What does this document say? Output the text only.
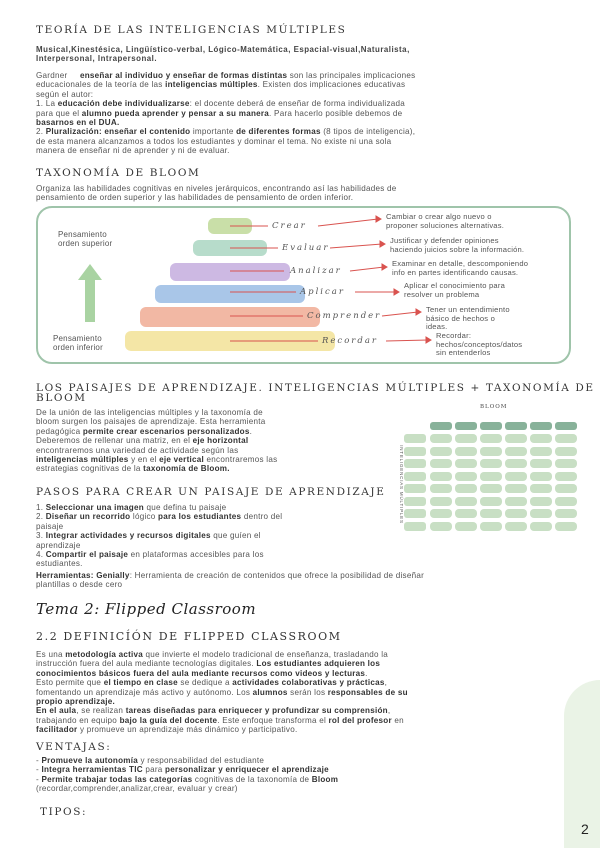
TEORÍA DE LAS INTELIGENCIAS MÚLTIPLES
Musical,Kinestésica, Lingüístico-verbal, Lógico-Matemática, Espacial-visual,Naturalista,
Interpersonal, Intrapersonal.
Gardner enseñar al individuo y enseñar de formas distintas son las principales implicaciones
educacionales de la teoría de las inteligencias múltiples. Existen dos implicaciones educativas
según el autor:
1. La educación debe individualizarse: el docente deberá de enseñar de forma individualizada
para que el alumno pueda aprender y pensar a su manera. Para hacerlo posible debemos de
basarnos en el DUA.
2. Pluralización: enseñar el contenido importante de diferentes formas (8 tipos de inteligencia),
de esta manera alcanzamos a todos los estudiantes y dominar el tema. No existe ni una sola
manera de enseñar ni de aprender y ni de evaluar.
TAXONOMÍA DE BLOOM
Organiza las habilidades cognitivas en niveles jerárquicos, encontrando así las habilidades de
pensamiento de orden superior y las habilidades de pensamiento de orden inferior.
Pensamiento
orden superior
Pensamiento
orden inferior
Crear
Evaluar
Analizar
Aplicar
Comprender
Recordar
Cambiar o crear algo nuevo o
proponer soluciones alternativas.
Justificar y defender opiniones
haciendo juicios sobre la información.
Examinar en detalle, descomponiendo
info en partes identificando causas.
Aplicar el conocimiento para
resolver un problema
Tener un entendimiento
básico de hechos o
ideas.
Recordar:
hechos/conceptos/datos
sin entenderlos
LOS PAISAJES DE APRENDIZAJE. INTELIGENCIAS MÚLTIPLES + TAXONOMÍA DE
BLOOM
De la unión de las inteligencias múltiples y la taxonomía de
bloom surgen los paisajes de aprendizaje. Esta herramienta
pedagógica permite crear escenarios personalizados.
Deberemos de rellenar una matriz, en el eje horizontal
encontraremos una variedad de actividade según las
inteligencias múltiples y en el eje vertical encontraremos las
estrategias cognitivas de la taxonomía de Bloom.
BLOOM
INTELIGENCIAS MÚLTIPLES
PASOS PARA CREAR UN PAISAJE DE APRENDIZAJE
1. Seleccionar una imagen que defina tu paisaje
2. Diseñar un recorrido lógico para los estudiantes dentro del
paisaje
3. Integrar actividades y recursos digitales que guíen el
aprendizaje
4. Compartir el paisaje en plataformas accesibles para los
estudiantes.
Herramientas: Genially: Herramienta de creación de contenidos que ofrece la posibilidad de diseñar
plantillas o desde cero
Tema 2: Flipped Classroom
2.2 DEFINICÍÓN DE FLIPPED CLASSROOM
Es una metodología activa que invierte el modelo tradicional de enseñanza, trasladando la
instrucción fuera del aula mediante tecnologías digitales. Los estudiantes adquieren los
conocimientos básicos fuera del aula mediante recursos como videos y lecturas.
Esto permite que el tiempo en clase se dedique a actividades colaborativas y prácticas,
fomentando un aprendizaje más activo y autónomo. Los alumnos serán los responsables de su
propio aprendizaje.
En el aula, se realizan tareas diseñadas para enriquecer y profundizar su comprensión,
trabajando en equipo bajo la guía del docente. Este enfoque transforma el rol del profesor en
facilitador y promueve un aprendizaje más dinámico y participativo.
VENTAJAS:
- Promueve la autonomía y responsabilidad del estudiante
- Integra herramientas TIC para personalizar y enriquecer el aprendizaje
- Permite trabajar todas las categorías cognitivas de la taxonomía de Bloom
(recordar,comprender,analizar,crear, evaluar y crear)
TIPOS:
2
